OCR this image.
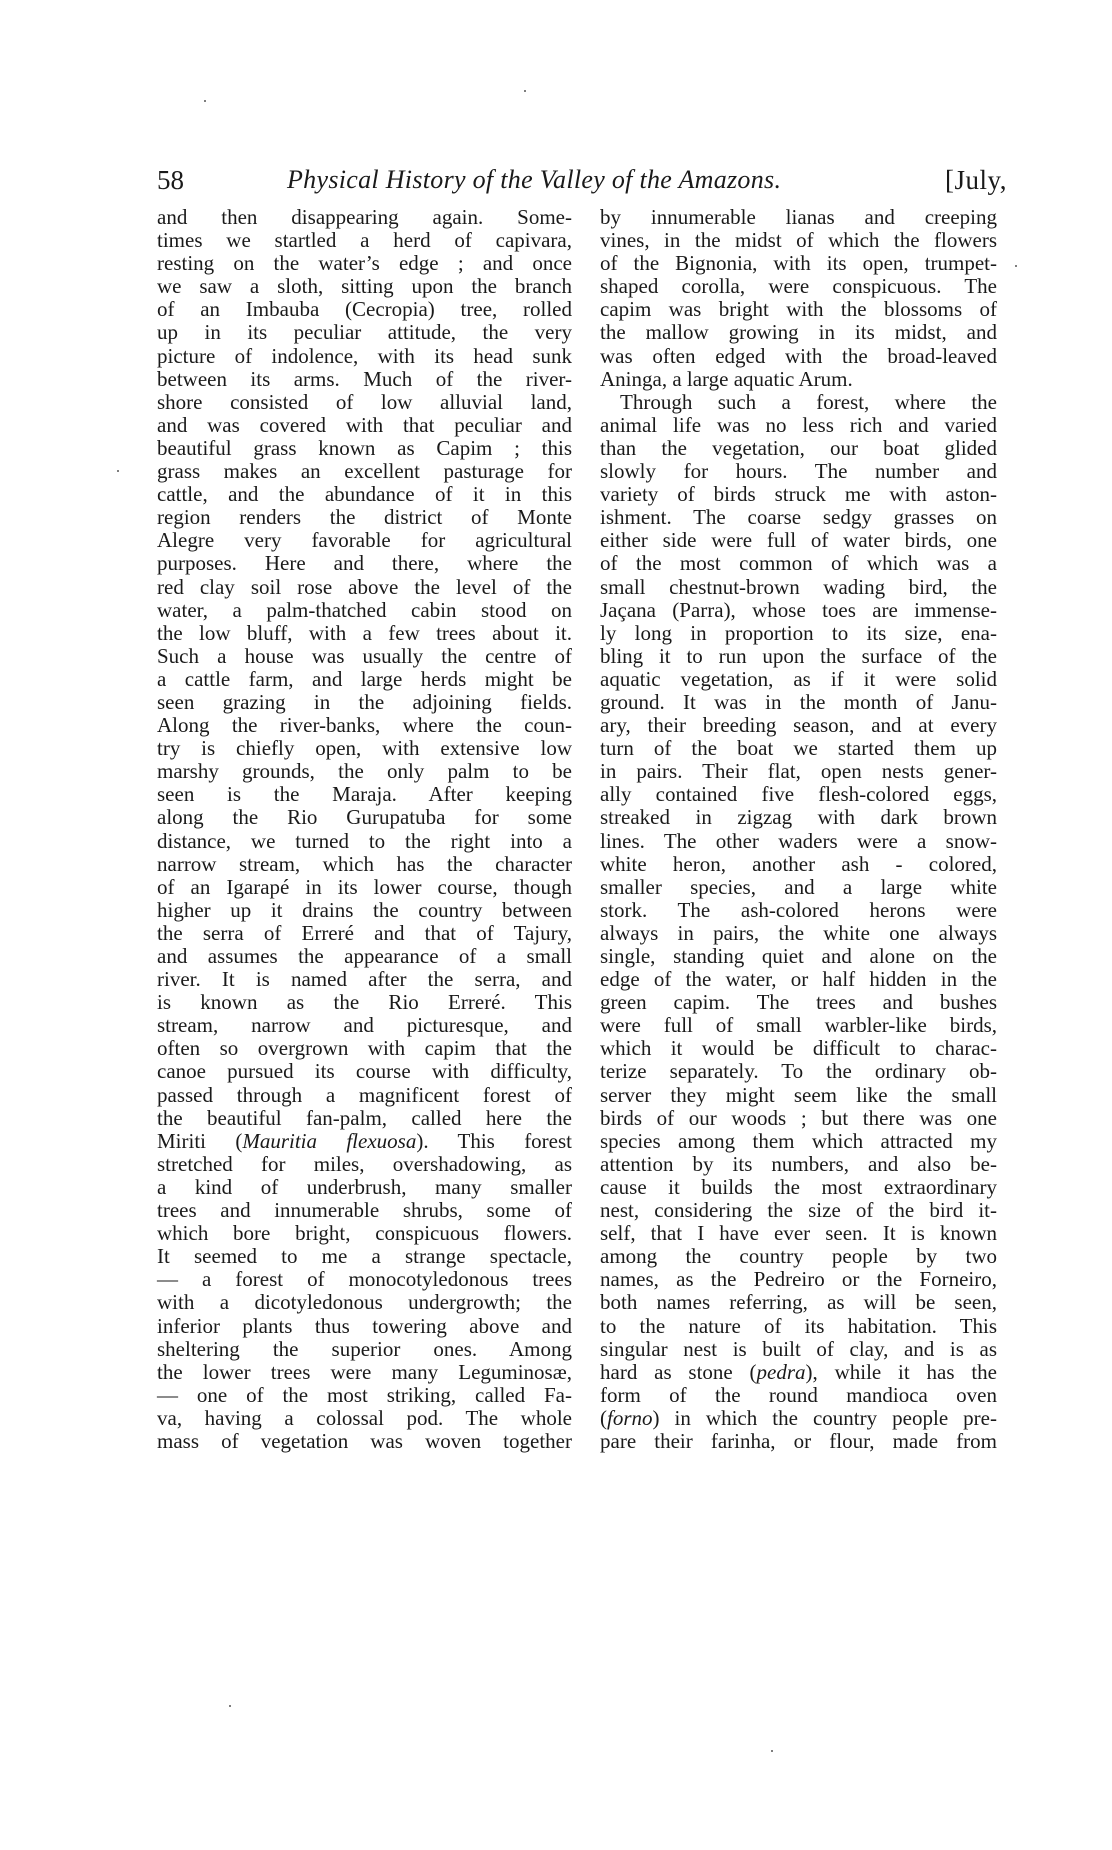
58	Physical History of the Valley of the Amazons.	[July,
and then disappearing again. Some-
times we startled a herd of capivara,
resting on the water’s edge ; and once
we saw a sloth, sitting upon the branch
of an Imbauba (Cecropia) tree, rolled
up in its peculiar attitude, the very
picture of indolence, with its head sunk
between its arms. Much of the river-
shore consisted of low alluvial land,
and was covered with that peculiar and
beautiful grass known as Capim ; this
grass makes an excellent pasturage for
cattle, and the abundance of it in this
region renders the district of Monte
Alegre very favorable for agricultural
purposes. Here and there, where the
red clay soil rose above the level of the
water, a palm-thatched cabin stood on
the low bluff, with a few trees about it.
Such a house was usually the centre of
a cattle farm, and large herds might be
seen grazing in the adjoining fields.
Along the river-banks, where the coun-
try is chiefly open, with extensive low
marshy grounds, the only palm to be
seen is the Maraja. After keeping
along the Rio Gurupatuba for some
distance, we turned to the right into a
narrow stream, which has the character
of an Igarapé in its lower course, though
higher up it drains the country between
the serra of Erreré and that of Tajury,
and assumes the appearance of a small
river. It is named after the serra, and
is known as the Rio Erreré. This
stream, narrow and picturesque, and
often so overgrown with capim that the
canoe pursued its course with difficulty,
passed through a magnificent forest of
the beautiful fan-palm, called here the
Miriti (Mauritia flexuosa). This forest
stretched for miles, overshadowing, as
a kind of underbrush, many smaller
trees and innumerable shrubs, some of
which bore bright, conspicuous flowers.
It seemed to me a strange spectacle,
— a forest of monocotyledonous trees
with a dicotyledonous undergrowth; the
inferior plants thus towering above and
sheltering the superior ones. Among
the lower trees were many Leguminosæ,
— one of the most striking, called Fa-
va, having a colossal pod. The whole
mass of vegetation was woven together
by innumerable lianas and creeping
vines, in the midst of which the flowers
of the Bignonia, with its open, trumpet-
shaped corolla, were conspicuous. The
capim was bright with the blossoms of
the mallow growing in its midst, and
was often edged with the broad-leaved
Aninga, a large aquatic Arum.
Through such a forest, where the
animal life was no less rich and varied
than the vegetation, our boat glided
slowly for hours. The number and
variety of birds struck me with aston-
ishment. The coarse sedgy grasses on
either side were full of water birds, one
of the most common of which was a
small chestnut-brown wading bird, the
Jaçana (Parra), whose toes are immense-
ly long in proportion to its size, ena-
bling it to run upon the surface of the
aquatic vegetation, as if it were solid
ground. It was in the month of Janu-
ary, their breeding season, and at every
turn of the boat we started them up
in pairs. Their flat, open nests gener-
ally contained five flesh-colored eggs,
streaked in zigzag with dark brown
lines. The other waders were a snow-
white heron, another ash - colored,
smaller species, and a large white
stork. The ash-colored herons were
always in pairs, the white one always
single, standing quiet and alone on the
edge of the water, or half hidden in the
green capim. The trees and bushes
were full of small warbler-like birds,
which it would be difficult to charac-
terize separately. To the ordinary ob-
server they might seem like the small
birds of our woods ; but there was one
species among them which attracted my
attention by its numbers, and also be-
cause it builds the most extraordinary
nest, considering the size of the bird it-
self, that I have ever seen. It is known
among the country people by two
names, as the Pedreiro or the Forneiro,
both names referring, as will be seen,
to the nature of its habitation. This
singular nest is built of clay, and is as
hard as stone (pedra), while it has the
form of the round mandioca oven
(forno) in which the country people pre-
pare their farinha, or flour, made from
